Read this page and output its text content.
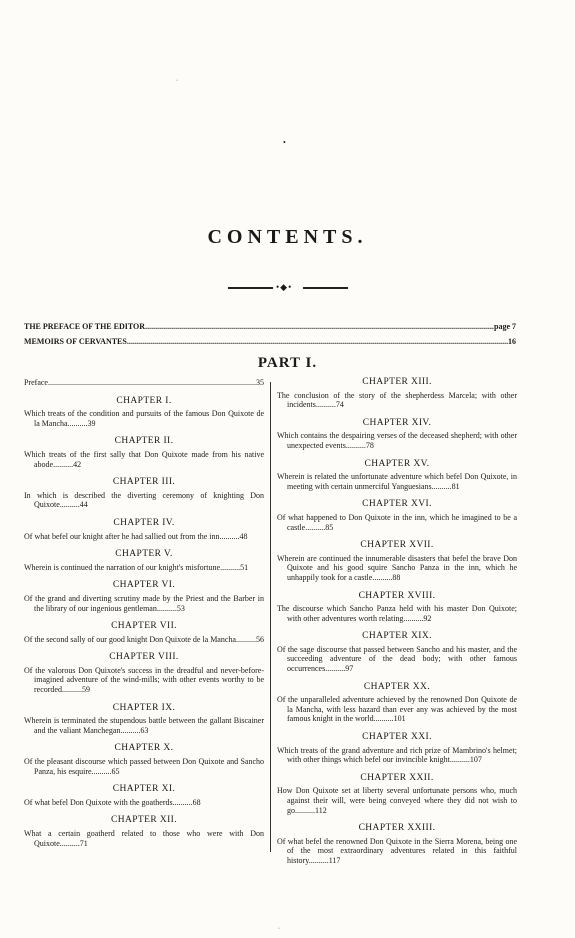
CONTENTS.
•◆•
THE PREFACE OF THE EDITOR .....	page 7
MEMOIRS OF CERVANTES .....	16
PART I.
Preface .....	35
CHAPTER I.
Which treats of the condition and pursuits of the famous Don Quixote de la Mancha..........39
CHAPTER II.
Which treats of the first sally that Don Quixote made from his native abode..........42
CHAPTER III.
In which is described the diverting ceremony of knighting Don Quixote..........44
CHAPTER IV.
Of what befel our knight after he had sallied out from the inn..........48
CHAPTER V.
Wherein is continued the narration of our knight's misfortune..........51
CHAPTER VI.
Of the grand and diverting scrutiny made by the Priest and the Barber in the library of our ingenious gentleman..........53
CHAPTER VII.
Of the second sally of our good knight Don Quixote de la Mancha..........56
CHAPTER VIII.
Of the valorous Don Quixote's success in the dreadful and never-before-imagined adventure of the wind-mills; with other events worthy to be recorded..........59
CHAPTER IX.
Wherein is terminated the stupendous battle between the gallant Biscainer and the valiant Manchegan..........63
CHAPTER X.
Of the pleasant discourse which passed between Don Quixote and Sancho Panza, his esquire..........65
CHAPTER XI.
Of what befel Don Quixote with the goatherds..........68
CHAPTER XII.
What a certain goatherd related to those who were with Don Quixote..........71
CHAPTER XIII.
The conclusion of the story of the shepherdess Marcela; with other incidents..........74
CHAPTER XIV.
Which contains the despairing verses of the deceased shepherd; with other unexpected events..........78
CHAPTER XV.
Wherein is related the unfortunate adventure which befel Don Quixote, in meeting with certain unmerciful Yanguesians..........81
CHAPTER XVI.
Of what happened to Don Quixote in the inn, which he imagined to be a castle..........85
CHAPTER XVII.
Wherein are continued the innumerable disasters that befel the brave Don Quixote and his good squire Sancho Panza in the inn, which he unhappily took for a castle..........88
CHAPTER XVIII.
The discourse which Sancho Panza held with his master Don Quixote; with other adventures worth relating..........92
CHAPTER XIX.
Of the sage discourse that passed between Sancho and his master, and the succeeding adventure of the dead body; with other famous occurrences..........97
CHAPTER XX.
Of the unparalleled adventure achieved by the renowned Don Quixote de la Mancha, with less hazard than ever any was achieved by the most famous knight in the world..........101
CHAPTER XXI.
Which treats of the grand adventure and rich prize of Mambrino's helmet; with other things which befel our invincible knight..........107
CHAPTER XXII.
How Don Quixote set at liberty several unfortunate persons who, much against their will, were being conveyed where they did not wish to go..........112
CHAPTER XXIII.
Of what befel the renowned Don Quixote in the Sierra Morena, being one of the most extraordinary adventures related in this faithful history..........117
·
•
·
